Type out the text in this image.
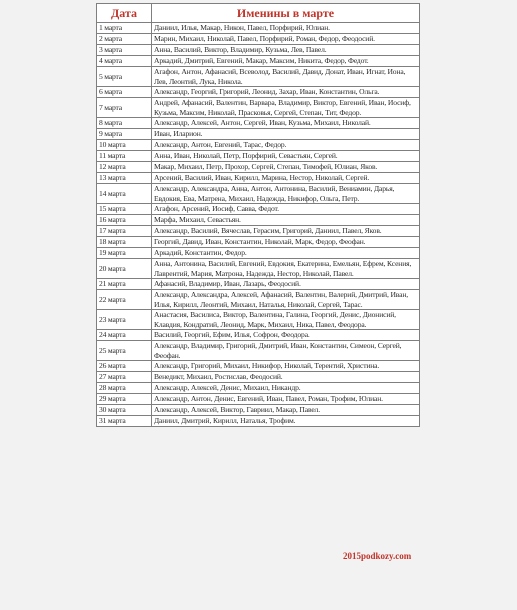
Дата	Именины в марте
1 марта	Даниил, Илья, Макар, Никон, Павел, Порфирий, Юлиан.
2 марта	Марин, Михаил, Николай, Павел, Порфирий, Роман, Федор, Феодосий.
3 марта	Анна, Василий, Виктор, Владимир, Кузьма, Лев, Павел.
4 марта	Аркадий, Дмитрий, Евгений, Макар, Максим, Никита, Федор, Федот.
5 марта	Агафон, Антон, Афанасий, Всеволод, Василий, Давид, Донат, Иван, Игнат, Иона, Лев, Леонтий, Лука, Никола.
6 марта	Александр, Георгий, Григорий, Леонид, Захар, Иван, Константин, Ольга.
7 марта	Андрей, Афанасий, Валентин, Варвара, Владимир, Виктор, Евгений, Иван, Иосиф, Кузьма, Максим, Николай, Прасковья, Сергей, Степан, Тит, Федор.
8 марта	Александр, Алексей, Антон, Сергей, Иван, Кузьма, Михаил, Николай.
9 марта	Иван, Иларион.
10 марта	Александр, Антон, Евгений, Тарас, Федор.
11 марта	Анна, Иван, Николай, Петр, Порфирий, Севастьян, Сергей.
12 марта	Макар, Михаил, Петр, Прохор, Сергей, Степан, Тимофей, Юлиан, Яков.
13 марта	Арсений, Василий, Иван, Кирилл, Марина, Нестор, Николай, Сергей.
14 марта	Александр, Александра, Анна, Антон, Антонина, Василий, Вениамин, Дарья, Евдокия, Ева, Матрена, Михаил, Надежда, Никифор, Ольга, Петр.
15 марта	Агафон, Арсений, Иосиф, Савва, Федот.
16 марта	Марфа, Михаил, Севастьян.
17 марта	Александр, Василий, Вячеслав, Герасим, Григорий, Даниил, Павел, Яков.
18 марта	Георгий, Давид, Иван, Константин, Николай, Марк, Федор, Феофан.
19 марта	Аркадий, Константин, Федор.
20 марта	Анна, Антонина, Василий, Евгений, Евдокия, Екатерина, Емельян, Ефрем, Ксения, Лаврентий, Мария, Матрона, Надежда, Нестор, Николай, Павел.
21 марта	Афанасий, Владимир, Иван, Лазарь, Феодосий.
22 марта	Александр, Александра, Алексей, Афанасий, Валентин, Валерий, Дмитрий, Иван, Илья, Кирилл, Леонтий, Михаил, Наталья, Николай, Сергей, Тарас.
23 марта	Анастасия, Василиса, Виктор, Валентина, Галина, Георгий, Денис, Дионисий, Клавдия, Кондратий, Леонид, Марк, Михаил, Ника, Павел, Феодора.
24 марта	Василий, Георгий, Ефим, Илья, Софрон, Феодора.
25 марта	Александр, Владимир, Григорий, Дмитрий, Иван, Константин, Симеон, Сергей, Феофан.
26 марта	Александр, Григорий, Михаил, Никифор, Николай, Терентий, Христина.
27 марта	Венедикт, Михаил, Ростислав, Феодосий.
28 марта	Александр, Алексей, Денис, Михаил, Никандр.
29 марта	Александр, Антон, Денис, Евгений, Иван, Павел, Роман, Трофим, Юлиан.
30 марта	Александр, Алексей, Виктор, Гавриил, Макар, Павел.
31 марта	Даниил, Дмитрий, Кирилл, Наталья, Трофим.
2015podkozy.com
